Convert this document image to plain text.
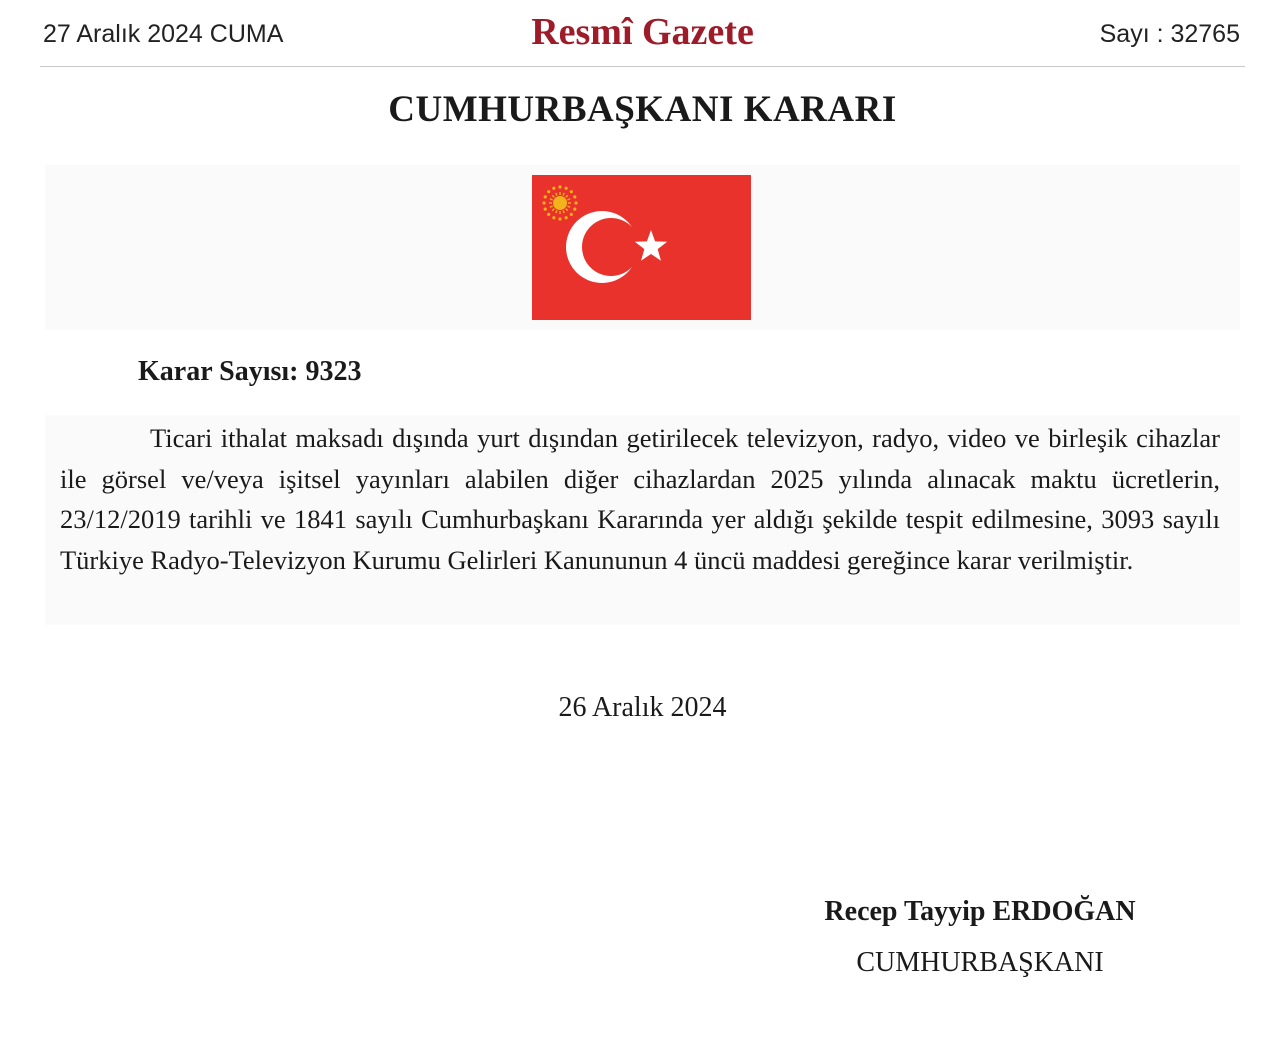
27 Aralık 2024 CUMA	Resmî Gazete	Sayı : 32765
CUMHURBAŞKANI KARARI
Karar Sayısı: 9323

Ticari ithalat maksadı dışında yurt dışından getirilecek televizyon, radyo, video ve birleşik cihazlar ile görsel ve/veya işitsel yayınları alabilen diğer cihazlardan 2025 yılında alınacak maktu ücretlerin, 23/12/2019 tarihli ve 1841 sayılı Cumhurbaşkanı Kararında yer aldığı şekilde tespit edilmesine, 3093 sayılı Türkiye Radyo-Televizyon Kurumu Gelirleri Kanununun 4 üncü maddesi gereğince karar verilmiştir.

26 Aralık 2024
Recep Tayyip ERDOĞAN
CUMHURBAŞKANI
